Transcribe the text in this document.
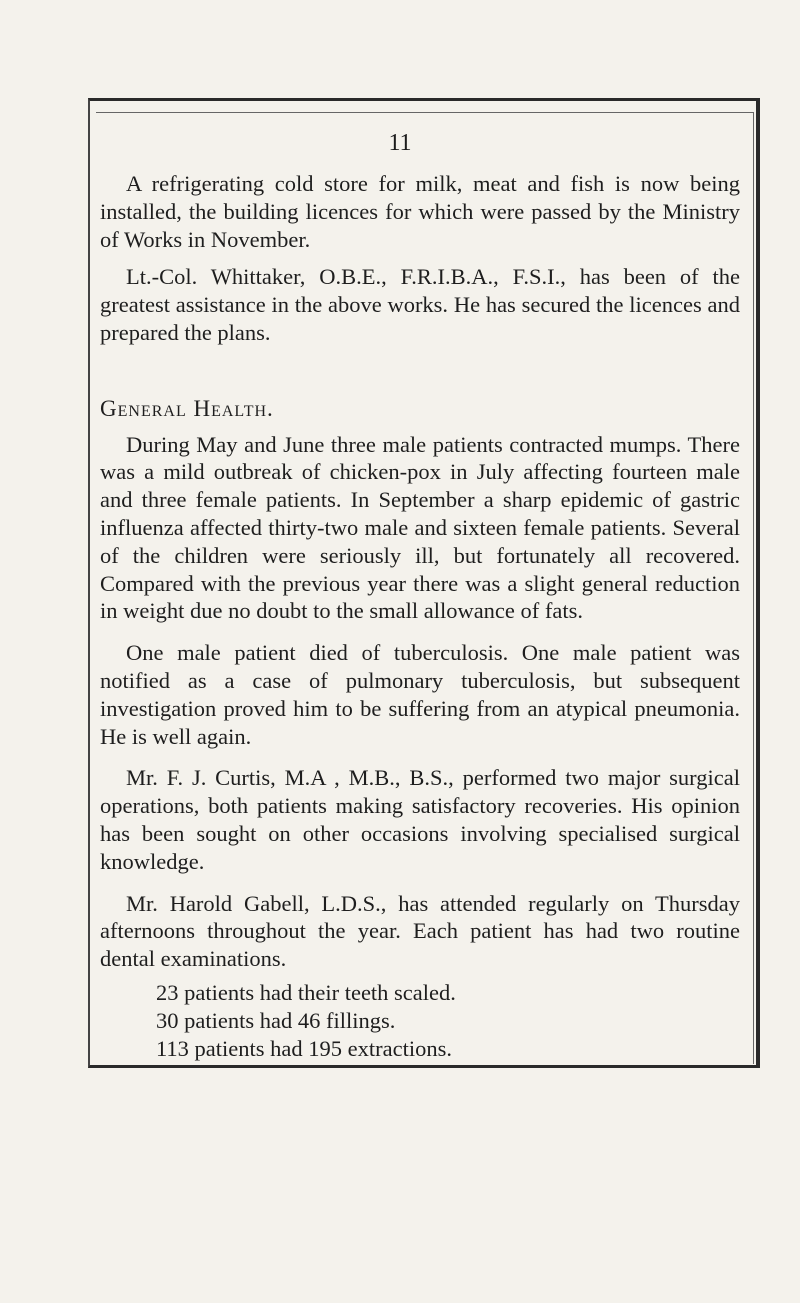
11

A refrigerating cold store for milk, meat and fish is now being installed, the building licences for which were passed by the Ministry of Works in November.

Lt.-Col. Whittaker, O.B.E., F.R.I.B.A., F.S.I., has been of the greatest assistance in the above works. He has secured the licences and prepared the plans.

General Health.

During May and June three male patients contracted mumps. There was a mild outbreak of chicken-pox in July affecting fourteen male and three female patients. In September a sharp epidemic of gastric influenza affected thirty-two male and sixteen female patients. Several of the children were seriously ill, but fortunately all recovered. Compared with the previous year there was a slight general reduction in weight due no doubt to the small allowance of fats.

One male patient died of tuberculosis. One male patient was notified as a case of pulmonary tuberculosis, but subsequent investigation proved him to be suffering from an atypical pneumonia. He is well again.

Mr. F. J. Curtis, M.A , M.B., B.S., performed two major surgical operations, both patients making satisfactory recoveries. His opinion has been sought on other occasions involving specialised surgical knowledge.

Mr. Harold Gabell, L.D.S., has attended regularly on Thursday afternoons throughout the year. Each patient has had two routine dental examinations.

23 patients had their teeth scaled.
30 patients had 46 fillings.
113 patients had 195 extractions.
